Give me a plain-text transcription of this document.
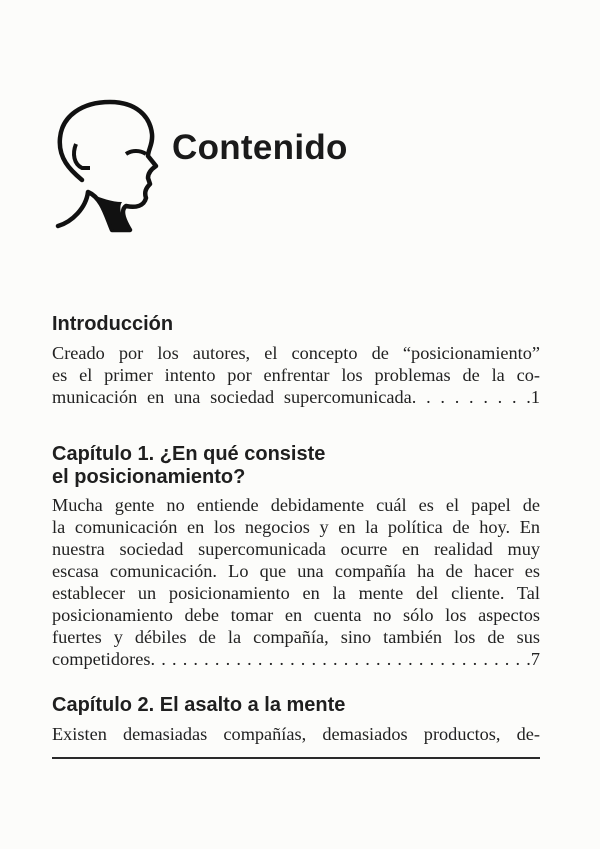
Contenido
Introducción
Creado por los autores, el concepto de “posicionamiento”
es el primer intento por enfrentar los problemas de la co-
municación en una sociedad supercomunicada. . . . . . . . .1
Capítulo 1. ¿En qué consiste
el posicionamiento?
Mucha gente no entiende debidamente cuál es el papel de
la comunicación en los negocios y en la política de hoy. En
nuestra sociedad supercomunicada ocurre en realidad muy
escasa comunicación. Lo que una compañía ha de hacer es
establecer un posicionamiento en la mente del cliente. Tal
posicionamiento debe tomar en cuenta no sólo los aspectos
fuertes y débiles de la compañía, sino también los de sus
competidores. . . . . . . . . . . . . . . . . . . . . . . . . . . . . . . . . . . .7
Capítulo 2. El asalto a la mente
Existen demasiadas compañías, demasiados productos, de-
